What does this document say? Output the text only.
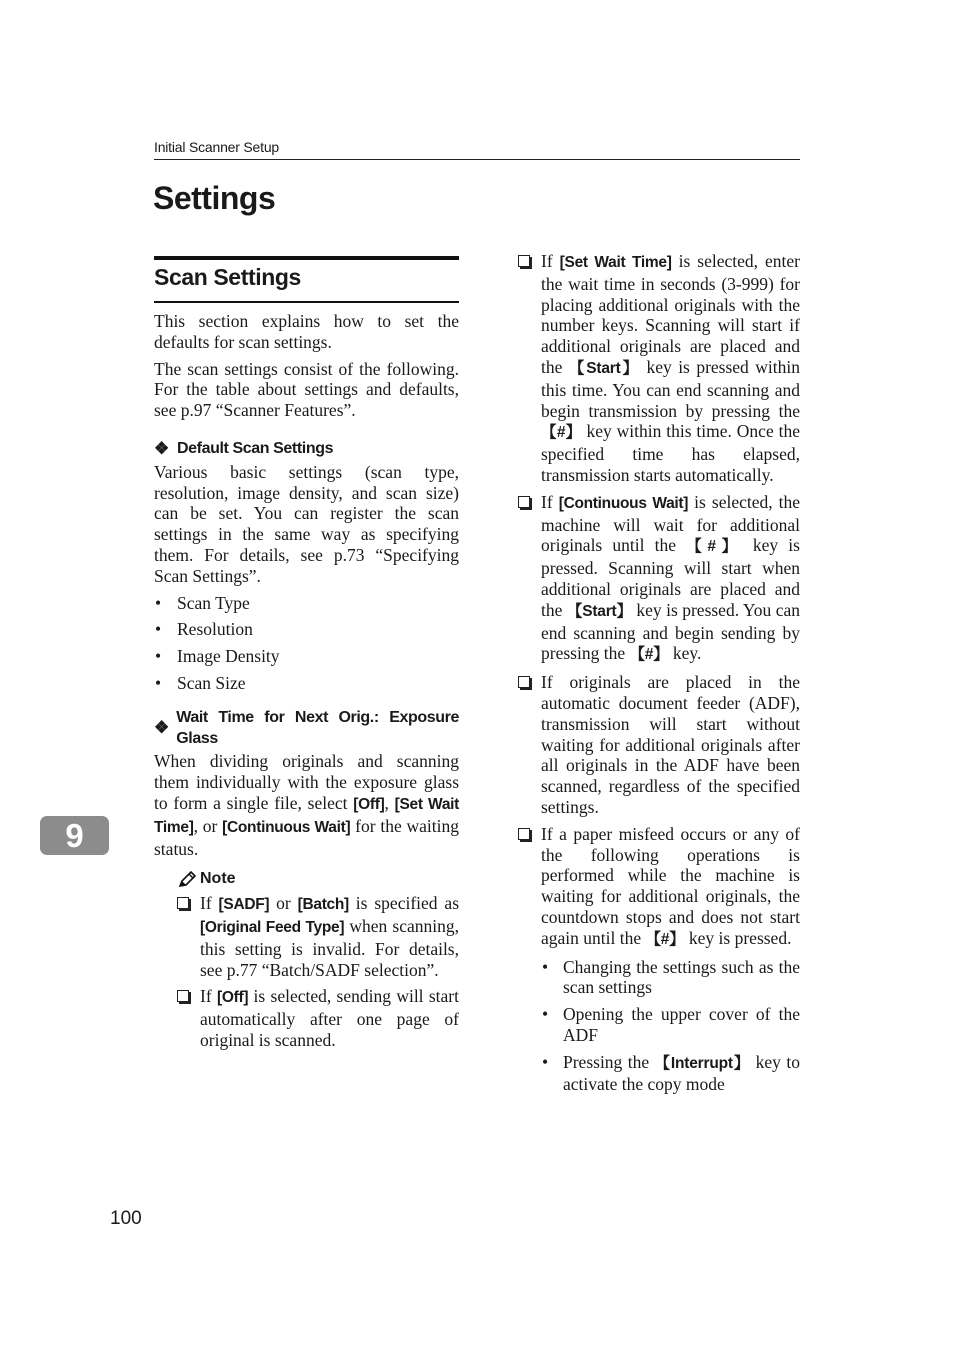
Initial Scanner Setup
Settings
Scan Settings

This section explains how to set the defaults for scan settings.

The scan settings consist of the following. For the table about settings and defaults, see p.97 “Scanner Features”.

❖ Default Scan Settings

Various basic settings (scan type, resolution, image density, and scan size) can be set. You can register the scan settings in the same way as specifying them. For details, see p.73 “Specifying Scan Settings”.

• Scan Type
• Resolution
• Image Density
• Scan Size
❖
Wait Time for Next Orig.: Exposure Glass

When dividing originals and scanning them individually with the exposure glass to form a single file, select [Off], [Set Wait Time], or [Continuous Wait] for the waiting status.

Note
If [SADF] or [Batch] is specified as [Original Feed Type] when scanning, this setting is invalid. For details, see p.77 “Batch/SADF selection”.
If [Off] is selected, sending will start automatically after one page of original is scanned.
If [Set Wait Time] is selected, enter the wait time in seconds (3-999) for placing additional originals with the number keys. Scanning will start if additional originals are placed and the 【Start】 key is pressed within this time. You can end scanning and begin transmission by pressing the 【#】 key within this time. Once the specified time has elapsed, transmission starts automatically.
If [Continuous Wait] is selected, the machine will wait for additional originals until the 【#】 key is pressed. Scanning will start when additional originals are placed and the 【Start】 key is pressed. You can end scanning and begin sending by pressing the 【#】 key.
If originals are placed in the automatic document feeder (ADF), transmission will start without waiting for additional originals after all originals in the ADF have been scanned, regardless of the specified settings.
If a paper misfeed occurs or any of the following operations is performed while the machine is waiting for additional originals, the countdown stops and does not start again until the 【#】 key is pressed.
• Changing the settings such as the scan settings
• Opening the upper cover of the ADF
• Pressing the 【Interrupt】 key to activate the copy mode
9
100
